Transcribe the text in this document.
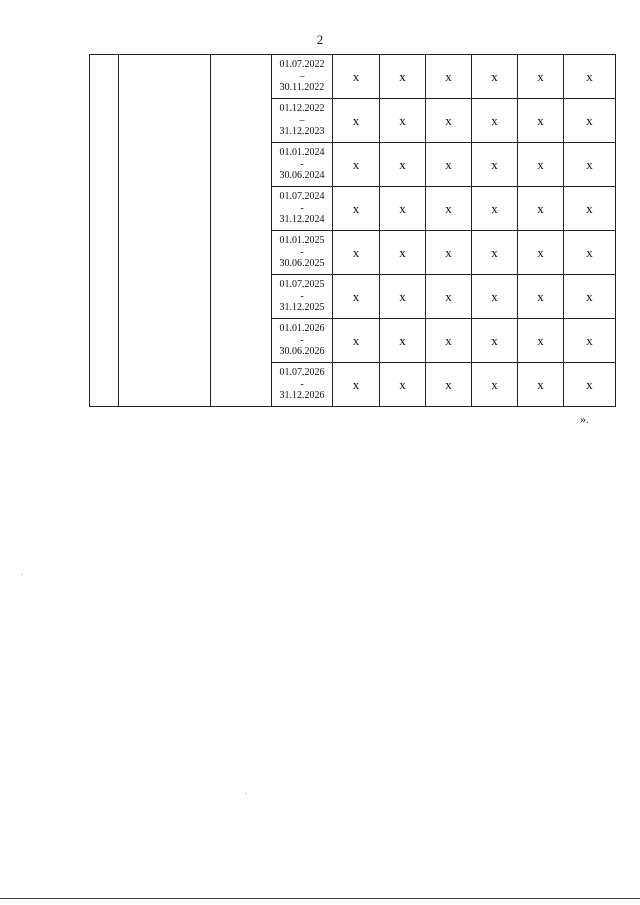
2

			01.07.2022
–
30.11.2022	x	x	x	x	x	x

			01.12.2022
–
31.12.2023	x	x	x	x	x	x

			01.01.2024
-
30.06.2024	x	x	x	x	x	x

			01.07.2024
-
31.12.2024	x	x	x	x	x	x

			01.01.2025
-
30.06.2025	x	x	x	x	x	x

			01.07.2025
-
31.12.2025	x	x	x	x	x	x

			01.01.2026
-
30.06.2026	x	x	x	x	x	x

			01.07.2026
-
31.12.2026	x	x	x	x	x	x
».
